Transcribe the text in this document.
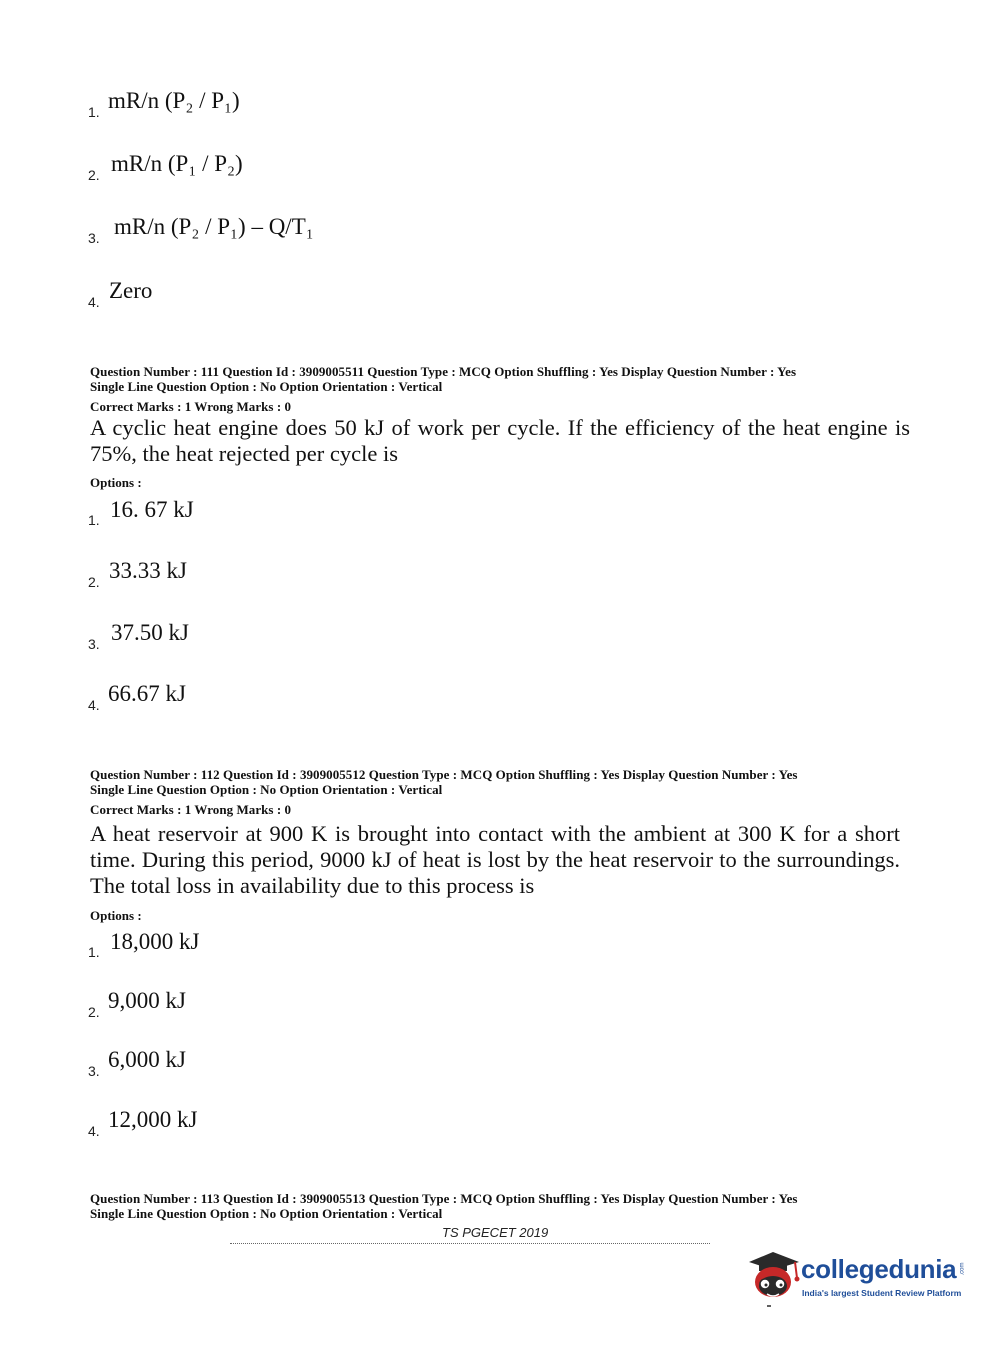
1. mR/n (P₂ / P₁)
2. mR/n (P₁ / P₂)
3. mR/n (P₂ / P₁) – Q/T₁
4. Zero
Question Number : 111 Question Id : 3909005511 Question Type : MCQ Option Shuffling : Yes Display Question Number : Yes
Single Line Question Option : No Option Orientation : Vertical
Correct Marks : 1 Wrong Marks : 0
A cyclic heat engine does 50 kJ of work per cycle. If the efficiency of the heat engine is 75%, the heat rejected per cycle is
Options :
1. 16. 67 kJ
2. 33.33 kJ
3. 37.50 kJ
4. 66.67 kJ
Question Number : 112 Question Id : 3909005512 Question Type : MCQ Option Shuffling : Yes Display Question Number : Yes
Single Line Question Option : No Option Orientation : Vertical
Correct Marks : 1 Wrong Marks : 0
A heat reservoir at 900 K is brought into contact with the ambient at 300 K for a short time. During this period, 9000 kJ of heat is lost by the heat reservoir to the surroundings. The total loss in availability due to this process is
Options :
1. 18,000 kJ
2. 9,000 kJ
3. 6,000 kJ
4. 12,000 kJ
Question Number : 113 Question Id : 3909005513 Question Type : MCQ Option Shuffling : Yes Display Question Number : Yes
Single Line Question Option : No Option Orientation : Vertical
TS PGECET 2019
collegedunia .com
India's largest Student Review Platform
